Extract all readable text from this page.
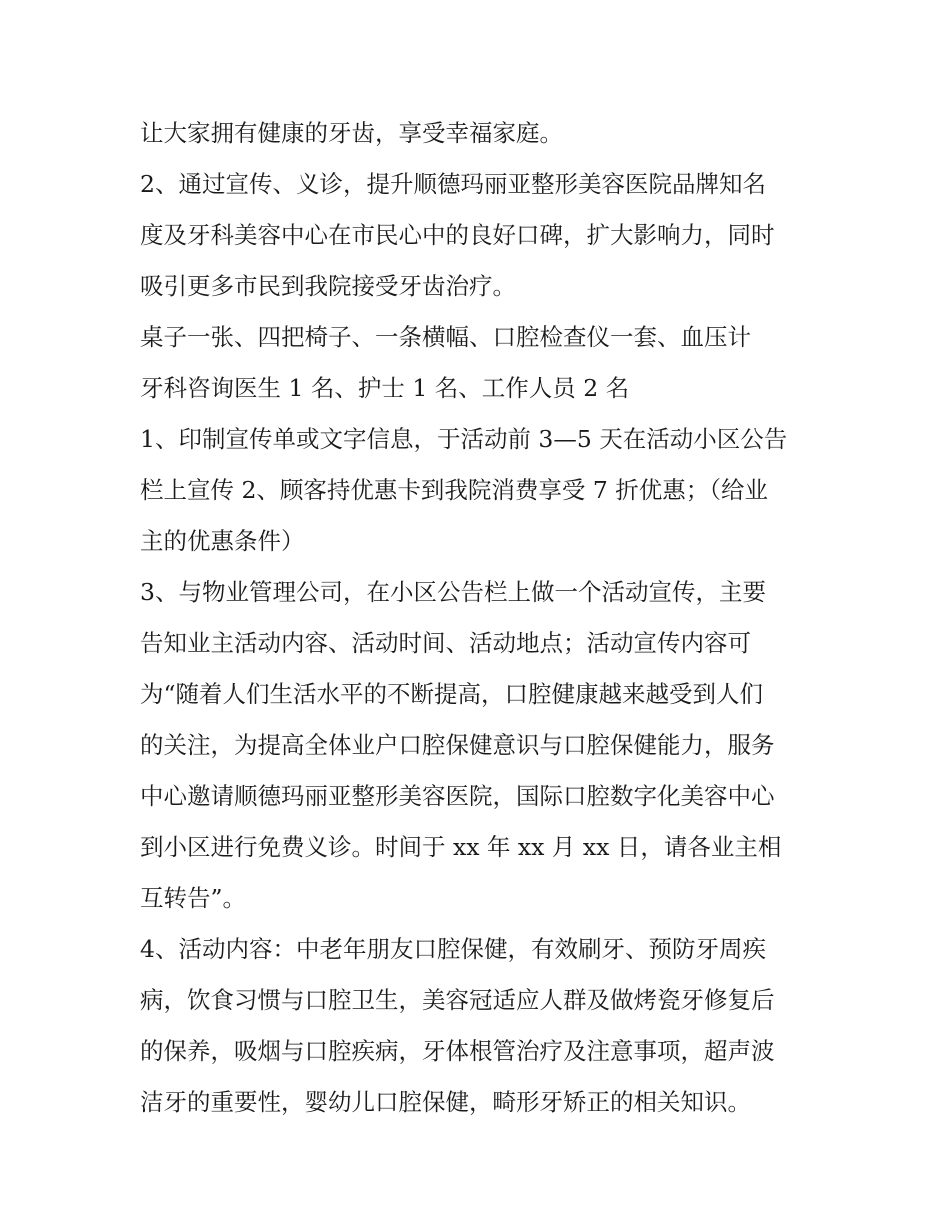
让大家拥有健康的牙齿，享受幸福家庭。
2、通过宣传、义诊，提升顺德玛丽亚整形美容医院品牌知名
度及牙科美容中心在市民心中的良好口碑，扩大影响力，同时
吸引更多市民到我院接受牙齿治疗。
桌子一张、四把椅子、一条横幅、口腔检查仪一套、血压计
牙科咨询医生 1 名、护士 1 名、工作人员 2 名
1、印制宣传单或文字信息，于活动前 3—5 天在活动小区公告
栏上宣传 2、顾客持优惠卡到我院消费享受 7 折优惠；（给业
主的优惠条件）
3、与物业管理公司，在小区公告栏上做一个活动宣传，主要
告知业主活动内容、活动时间、活动地点；活动宣传内容可
为“随着人们生活水平的不断提高，口腔健康越来越受到人们
的关注，为提高全体业户口腔保健意识与口腔保健能力，服务
中心邀请顺德玛丽亚整形美容医院，国际口腔数字化美容中心
到小区进行免费义诊。时间于 xx 年 xx 月 xx 日，请各业主相
互转告”。
4、活动内容：中老年朋友口腔保健，有效刷牙、预防牙周疾
病，饮食习惯与口腔卫生，美容冠适应人群及做烤瓷牙修复后
的保养，吸烟与口腔疾病，牙体根管治疗及注意事项，超声波
洁牙的重要性，婴幼儿口腔保健，畸形牙矫正的相关知识。
